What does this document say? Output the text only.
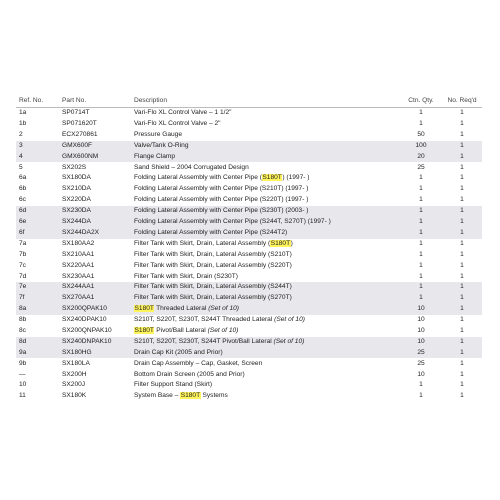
Ref. No.	Part No.	Description	Ctn. Qty.	No. Req'd
1a	SP0714T	Vari-Flo XL Control Valve – 1 1/2"	1	1
1b	SP071620T	Vari-Flo XL Control Valve – 2"	1	1
2	ECX270861	Pressure Gauge	50	1
3	GMX600F	Valve/Tank O-Ring	100	1
4	GMX600NM	Flange Clamp	20	1
5	SX202S	Sand Shield – 2004 Corrugated Design	25	1
6a	SX180DA	Folding Lateral Assembly with Center Pipe (S180T) (1997- )	1	1
6b	SX210DA	Folding Lateral Assembly with Center Pipe (S210T) (1997- )	1	1
6c	SX220DA	Folding Lateral Assembly with Center Pipe (S220T) (1997- )	1	1
6d	SX230DA	Folding Lateral Assembly with Center Pipe (S230T) (2003- )	1	1
6e	SX244DA	Folding Lateral Assembly with Center Pipe (S244T, S270T) (1997- )	1	1
6f	SX244DA2X	Folding Lateral Assembly with Center Pipe (S244T2)	1	1
7a	SX180AA2	Filter Tank with Skirt, Drain, Lateral Assembly (S180T)	1	1
7b	SX210AA1	Filter Tank with Skirt, Drain, Lateral Assembly (S210T)	1	1
7c	SX220AA1	Filter Tank with Skirt, Drain, Lateral Assembly (S220T)	1	1
7d	SX230AA1	Filter Tank with Skirt, Drain (S230T)	1	1
7e	SX244AA1	Filter Tank with Skirt, Drain, Lateral Assembly (S244T)	1	1
7f	SX270AA1	Filter Tank with Skirt, Drain, Lateral Assembly (S270T)	1	1
8a	SX200QPAK10	S180T Threaded Lateral (Set of 10)	10	1
8b	SX240DPAK10	S210T, S220T, S230T, S244T Threaded Lateral (Set of 10)	10	1
8c	SX200QNPAK10	S180T Pivot/Ball Lateral (Set of 10)	10	1
8d	SX240DNPAK10	S210T, S220T, S230T, S244T Pivot/Ball Lateral (Set of 10)	10	1
9a	SX180HG	Drain Cap Kit (2005 and Prior)	25	1
9b	SX180LA	Drain Cap Assembly – Cap, Gasket, Screen	25	1
—	SX200H	Bottom Drain Screen (2005 and Prior)	10	1
10	SX200J	Filter Support Stand (Skirt)	1	1
11	SX180K	System Base – S180T Systems	1	1
